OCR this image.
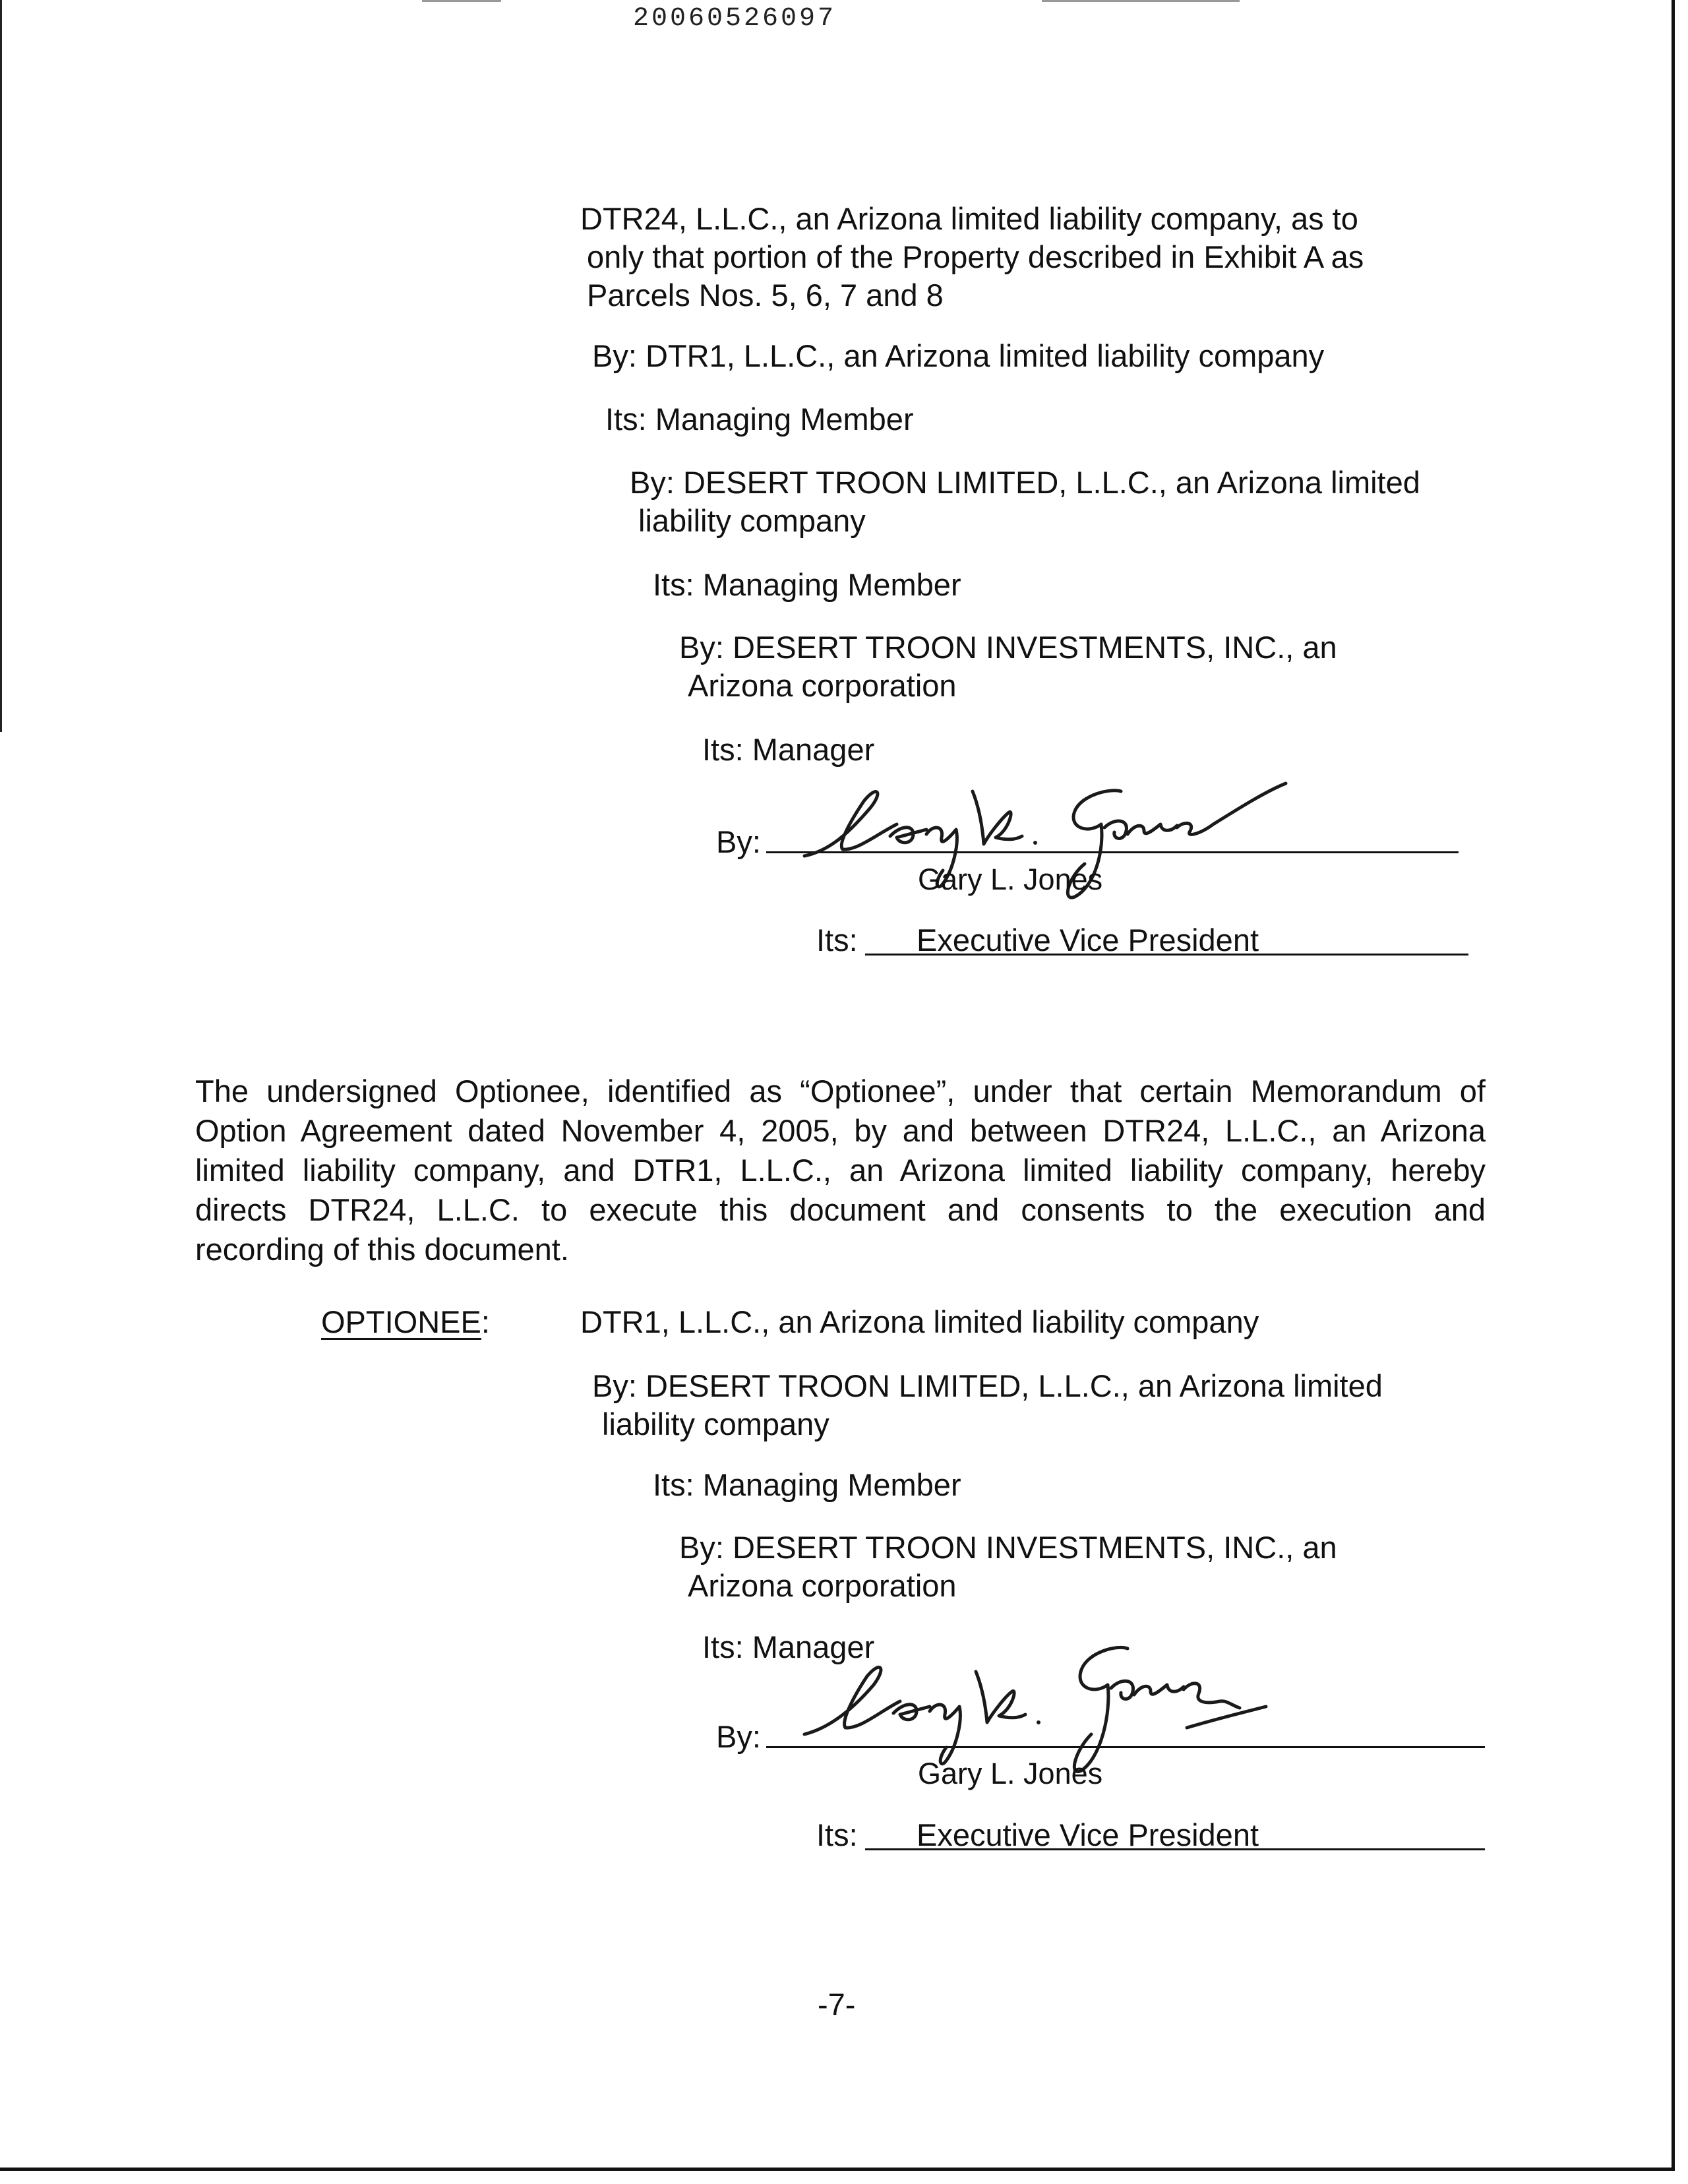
20060526097
DTR24, L.L.C., an Arizona limited liability company, as to
only that portion of the Property described in Exhibit A as
Parcels Nos. 5, 6, 7 and 8
By: DTR1, L.L.C., an Arizona limited liability company
Its: Managing Member
By: DESERT TROON LIMITED, L.L.C., an Arizona limited
liability company
Its: Managing Member
By: DESERT TROON INVESTMENTS, INC., an
Arizona corporation
Its: Manager
By:
Gary L. Jones
Its: Executive Vice President
The undersigned Optionee, identified as “Optionee”, under that certain Memorandum of
Option Agreement dated November 4, 2005, by and between DTR24, L.L.C., an Arizona
limited liability company, and DTR1, L.L.C., an Arizona limited liability company, hereby
directs DTR24, L.L.C. to execute this document and consents to the execution and
recording of this document.
OPTIONEE:	DTR1, L.L.C., an Arizona limited liability company
By: DESERT TROON LIMITED, L.L.C., an Arizona limited
liability company
Its: Managing Member
By: DESERT TROON INVESTMENTS, INC., an
Arizona corporation
Its: Manager
By:
Gary L. Jones
Its: Executive Vice President
-7-
